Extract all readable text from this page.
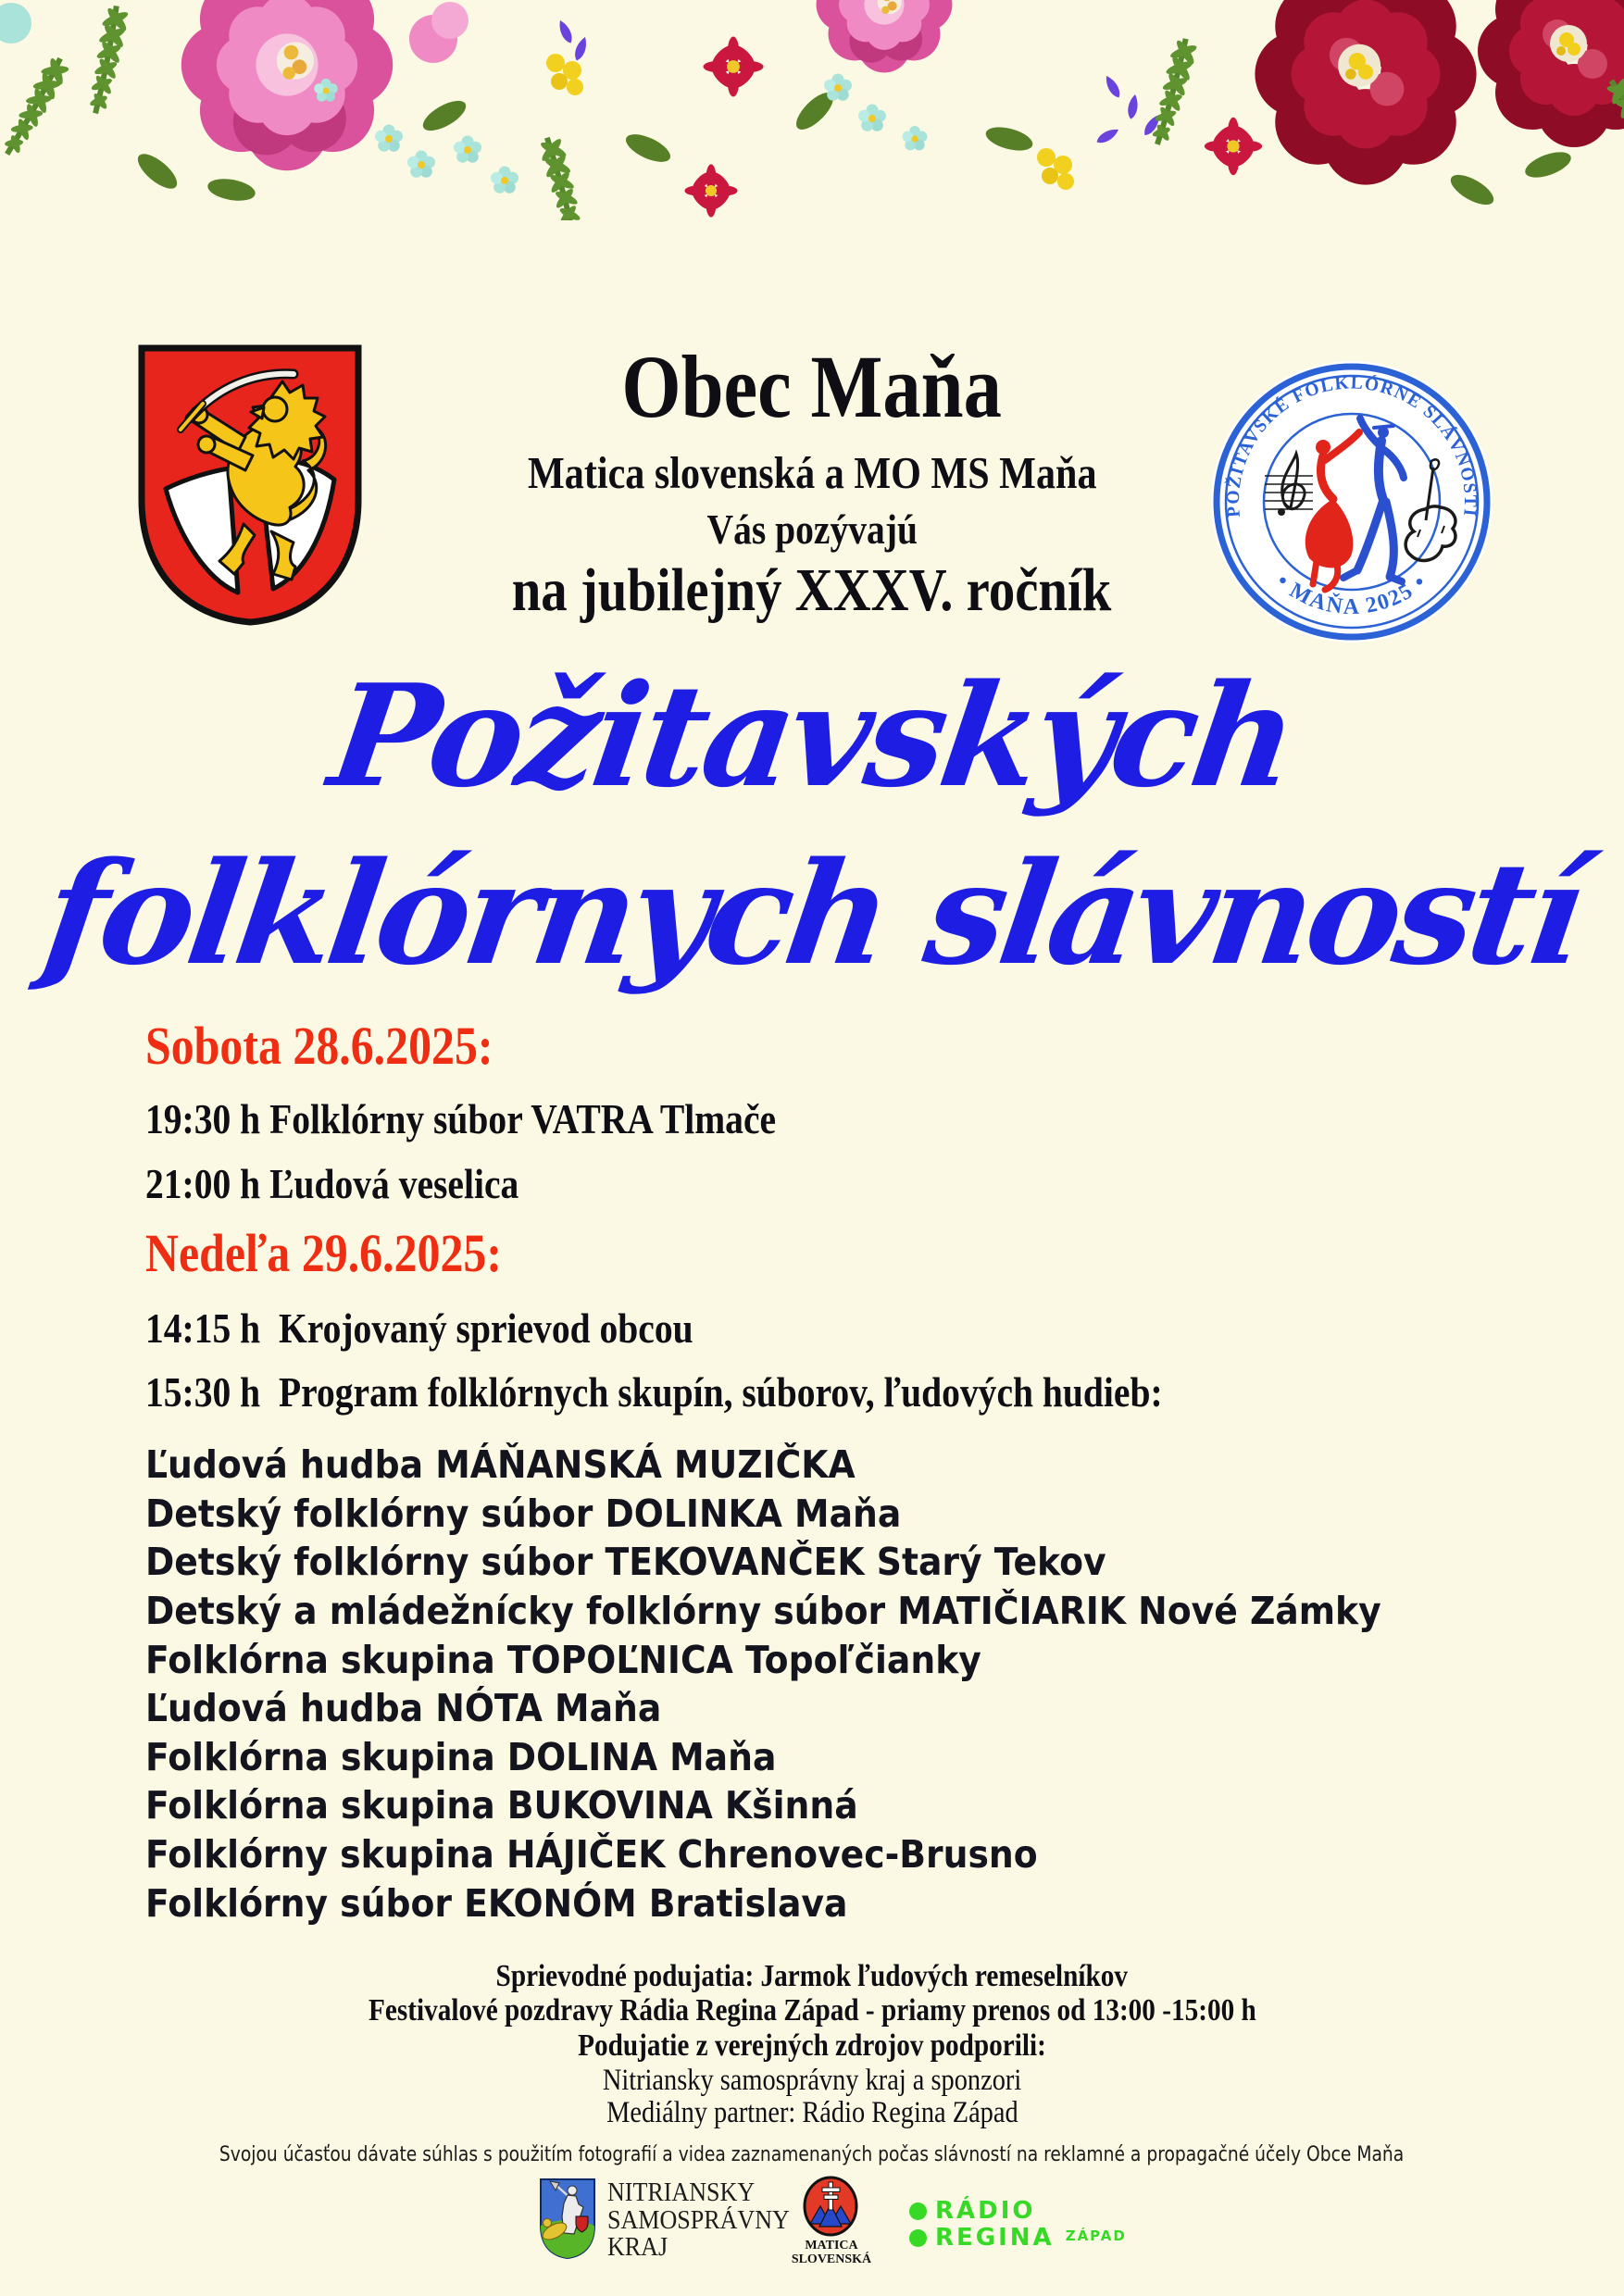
Obec Maňa
Matica slovenská a MO MS Maňa
Vás pozývajú
na jubilejný XXXV. ročník
POŽITAVSKÉ FOLKLÓRNE SLÁVNOSTI
• MAŇA 2025 •
Požitavských
folklórnych slávností
Sobota 28.6.2025:
19:30 h Folklórny súbor VATRA Tlmače
21:00 h Ľudová veselica
Nedeľa 29.6.2025:
14:15 h  Krojovaný sprievod obcou
15:30 h  Program folklórnych skupín, súborov, ľudových hudieb:
Ľudová hudba MÁŇANSKÁ MUZIČKA
Detský folklórny súbor DOLINKA Maňa
Detský folklórny súbor TEKOVANČEK Starý Tekov
Detský a mládežnícky folklórny súbor MATIČIARIK Nové Zámky
Folklórna skupina TOPOĽNICA Topoľčianky
Ľudová hudba NÓTA Maňa
Folklórna skupina DOLINA Maňa
Folklórna skupina BUKOVINA Kšinná
Folklórny skupina HÁJIČEK Chrenovec-Brusno
Folklórny súbor EKONÓM Bratislava
Sprievodné podujatia: Jarmok ľudových remeselníkov
Festivalové pozdravy Rádia Regina Západ - priamy prenos od 13:00 -15:00 h
Podujatie z verejných zdrojov podporili:
Nitriansky samosprávny kraj a sponzori
Mediálny partner: Rádio Regina Západ
Svojou účasťou dávate súhlas s použitím fotografií a videa zaznamenaných počas slávností na reklamné a propagačné účely Obce Maňa
NITRIANSKY
SAMOSPRÁVNY
KRAJ	MATICA
SLOVENSKÁ
RÁDIO
REGINA ZÁPAD
